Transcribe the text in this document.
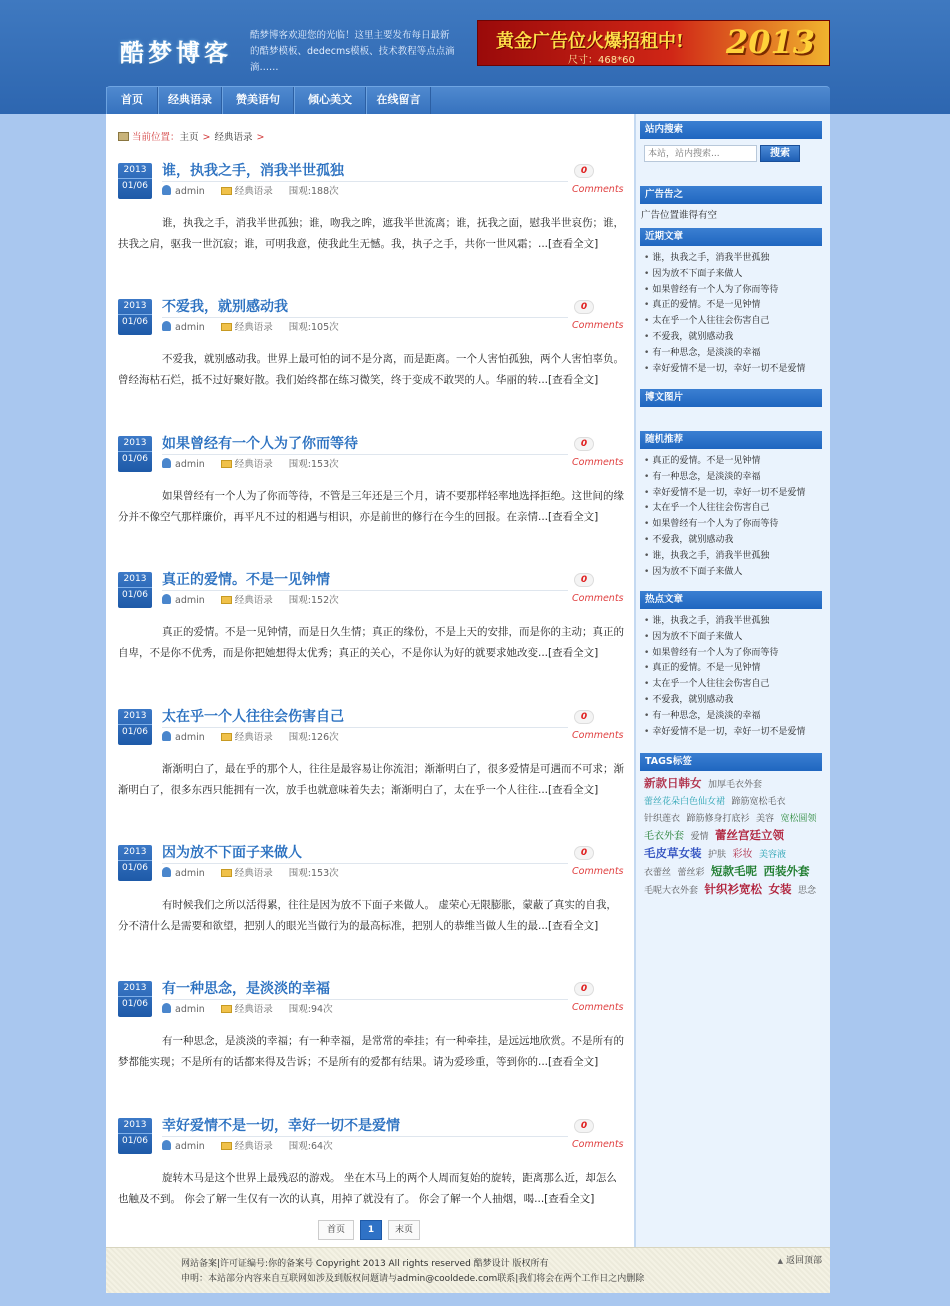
酷梦博客
酷梦博客欢迎您的光临！这里主要发布每日最新的酷梦模板、dedecms模板、技术教程等点点滴滴……
黄金广告位火爆招租中!
尺寸：468*60	2013
首页	经典语录	赞美语句	倾心美文	在线留言
当前位置：主页 > 经典语录 >
2013
01/06
谁，执我之手，消我半世孤独	0
Comments
admin	经典语录 围观:188次
谁，执我之手，消我半世孤独；谁，吻我之眸，遮我半世流离；谁，抚我之面，慰我半世哀伤；谁，扶我之肩，驱我一世沉寂；谁，可明我意，使我此生无憾。我，执子之手，共你一世风霜；...[查看全文]
2013
01/06
不爱我，就别感动我	0
Comments
admin	经典语录 围观:105次
不爱我，就别感动我。世界上最可怕的词不是分离，而是距离。一个人害怕孤独，两个人害怕辜负。曾经海枯石烂，抵不过好聚好散。我们始终都在练习微笑，终于变成不敢哭的人。华丽的转...[查看全文]
2013
01/06
如果曾经有一个人为了你而等待	0
Comments
admin	经典语录 围观:153次
如果曾经有一个人为了你而等待，不管是三年还是三个月，请不要那样轻率地选择拒绝。这世间的缘分并不像空气那样廉价，再平凡不过的相遇与相识，亦是前世的修行在今生的回报。在亲情...[查看全文]
2013
01/06
真正的爱情。不是一见钟情	0
Comments
admin	经典语录 围观:152次
真正的爱情。不是一见钟情，而是日久生情；真正的缘份，不是上天的安排，而是你的主动；真正的自卑，不是你不优秀，而是你把她想得太优秀；真正的关心，不是你认为好的就要求她改变...[查看全文]
2013
01/06
太在乎一个人往往会伤害自己	0
Comments
admin	经典语录 围观:126次
渐渐明白了，最在乎的那个人，往往是最容易让你流泪；渐渐明白了，很多爱情是可遇而不可求；渐渐明白了，很多东西只能拥有一次，放手也就意味着失去；渐渐明白了，太在乎一个人往往...[查看全文]
2013
01/06
因为放不下面子来做人	0
Comments
admin	经典语录 围观:153次
有时候我们之所以活得累，往往是因为放不下面子来做人。 虚荣心无限膨胀，蒙蔽了真实的自我，分不清什么是需要和欲望，把别人的眼光当做行为的最高标准，把别人的恭维当做人生的最...[查看全文]
2013
01/06
有一种思念，是淡淡的幸福	0
Comments
admin	经典语录 围观:94次
有一种思念，是淡淡的幸福；有一种幸福，是常常的牵挂；有一种牵挂，是远远地欣赏。不是所有的梦都能实现；不是所有的话都来得及告诉；不是所有的爱都有结果。请为爱珍重，等到你的...[查看全文]
2013
01/06
幸好爱情不是一切，幸好一切不是爱情	0
Comments
admin	经典语录 围观:64次
旋转木马是这个世界上最残忍的游戏。 坐在木马上的两个人周而复始的旋转，距离那么近，却怎么也触及不到。 你会了解一生仅有一次的认真，用掉了就没有了。 你会了解一个人抽烟，喝...[查看全文]
首页	1	末页
站内搜索
本站，站内搜索...
搜索
广告告之
广告位置谁得有空
近期文章
• 谁，执我之手，消我半世孤独
• 因为放不下面子来做人
• 如果曾经有一个人为了你而等待
• 真正的爱情。不是一见钟情
• 太在乎一个人往往会伤害自己
• 不爱我，就别感动我
• 有一种思念，是淡淡的幸福
• 幸好爱情不是一切，幸好一切不是爱情
博文图片
随机推荐
• 真正的爱情。不是一见钟情
• 有一种思念，是淡淡的幸福
• 幸好爱情不是一切，幸好一切不是爱情
• 太在乎一个人往往会伤害自己
• 如果曾经有一个人为了你而等待
• 不爱我，就别感动我
• 谁，执我之手，消我半世孤独
• 因为放不下面子来做人
热点文章
• 谁，执我之手，消我半世孤独
• 因为放不下面子来做人
• 如果曾经有一个人为了你而等待
• 真正的爱情。不是一见钟情
• 太在乎一个人往往会伤害自己
• 不爱我，就别感动我
• 有一种思念，是淡淡的幸福
• 幸好爱情不是一切，幸好一切不是爱情
TAGS标签
新款日韩女 加厚毛衣外套 蕾丝花朵白色仙女裙 蹄筋宽松毛衣 针织莲衣 蹄筋修身打底衫 美容 宽松圆领 毛衣外套 爱情 蕾丝宫廷立领 毛皮草女装 护肤 彩妆 美容液 衣蕾丝 蕾丝彩 短款毛呢 西装外套 毛呢大衣外套 针织衫宽松 女装 思念
网站备案|许可证编号:你的备案号 Copyright 2013 All rights reserved 酷梦设计 版权所有
申明：本站部分内容来自互联网如涉及到版权问题请与admin@cooldede.com联系|我们将会在两个工作日之内删除
▲ 返回顶部
